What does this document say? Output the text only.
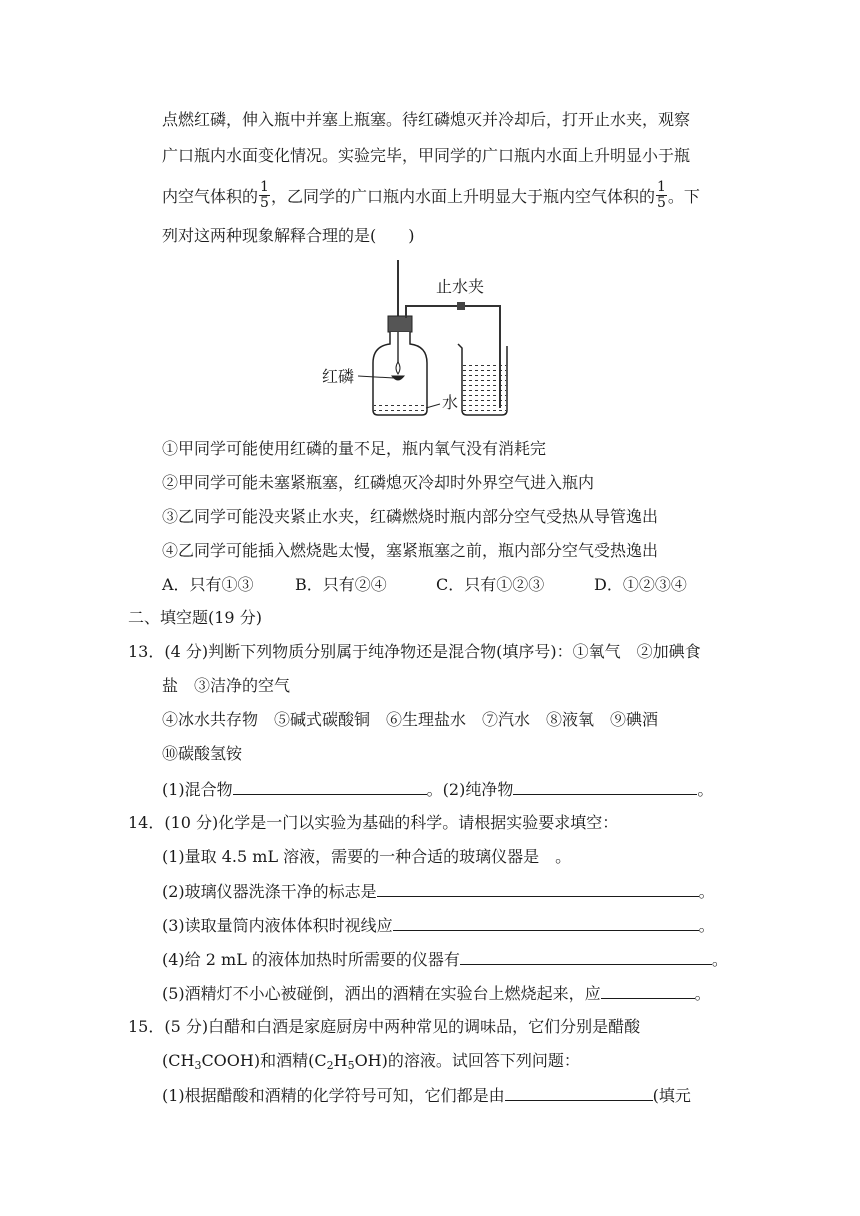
点燃红磷，伸入瓶中并塞上瓶塞。待红磷熄灭并冷却后，打开止水夹，观察
广口瓶内水面变化情况。实验完毕，甲同学的广口瓶内水面上升明显小于瓶
内空气体积的 $\frac{1}{5}$ ，乙同学的广口瓶内水面上升明显大于瓶内空气体积的 $\frac{1}{5}$ 。下
列对这两种现象解释合理的是(　　)
止水夹
红磷
水
①甲同学可能使用红磷的量不足，瓶内氧气没有消耗完
②甲同学可能未塞紧瓶塞，红磷熄灭冷却时外界空气进入瓶内
③乙同学可能没夹紧止水夹，红磷燃烧时瓶内部分空气受热从导管逸出
④乙同学可能插入燃烧匙太慢，塞紧瓶塞之前，瓶内部分空气受热逸出
A．只有①③	B．只有②④	C．只有①②③	D．①②③④
二、填空题(19 分)
13．(4 分)判断下列物质分别属于纯净物还是混合物(填序号)：①氧气　②加碘食
盐　③洁净的空气
④冰水共存物　⑤碱式碳酸铜　⑥生理盐水　⑦汽水　⑧液氧　⑨碘酒
⑩碳酸氢铵
(1)混合物	。(2)纯净物	。
14．(10 分)化学是一门以实验为基础的科学。请根据实验要求填空：
(1)量取 4.5 mL 溶液，需要的一种合适的玻璃仪器是　。
(2)玻璃仪器洗涤干净的标志是	。
(3)读取量筒内液体体积时视线应	。
(4)给 2 mL 的液体加热时所需要的仪器有	。
(5)酒精灯不小心被碰倒，洒出的酒精在实验台上燃烧起来，应	。
15．(5 分)白醋和白酒是家庭厨房中两种常见的调味品，它们分别是醋酸
$(CH_3COOH)$和酒精$(C_2H_5OH)$的溶液。试回答下列问题：
(1)根据醋酸和酒精的化学符号可知，它们都是由	(填元
